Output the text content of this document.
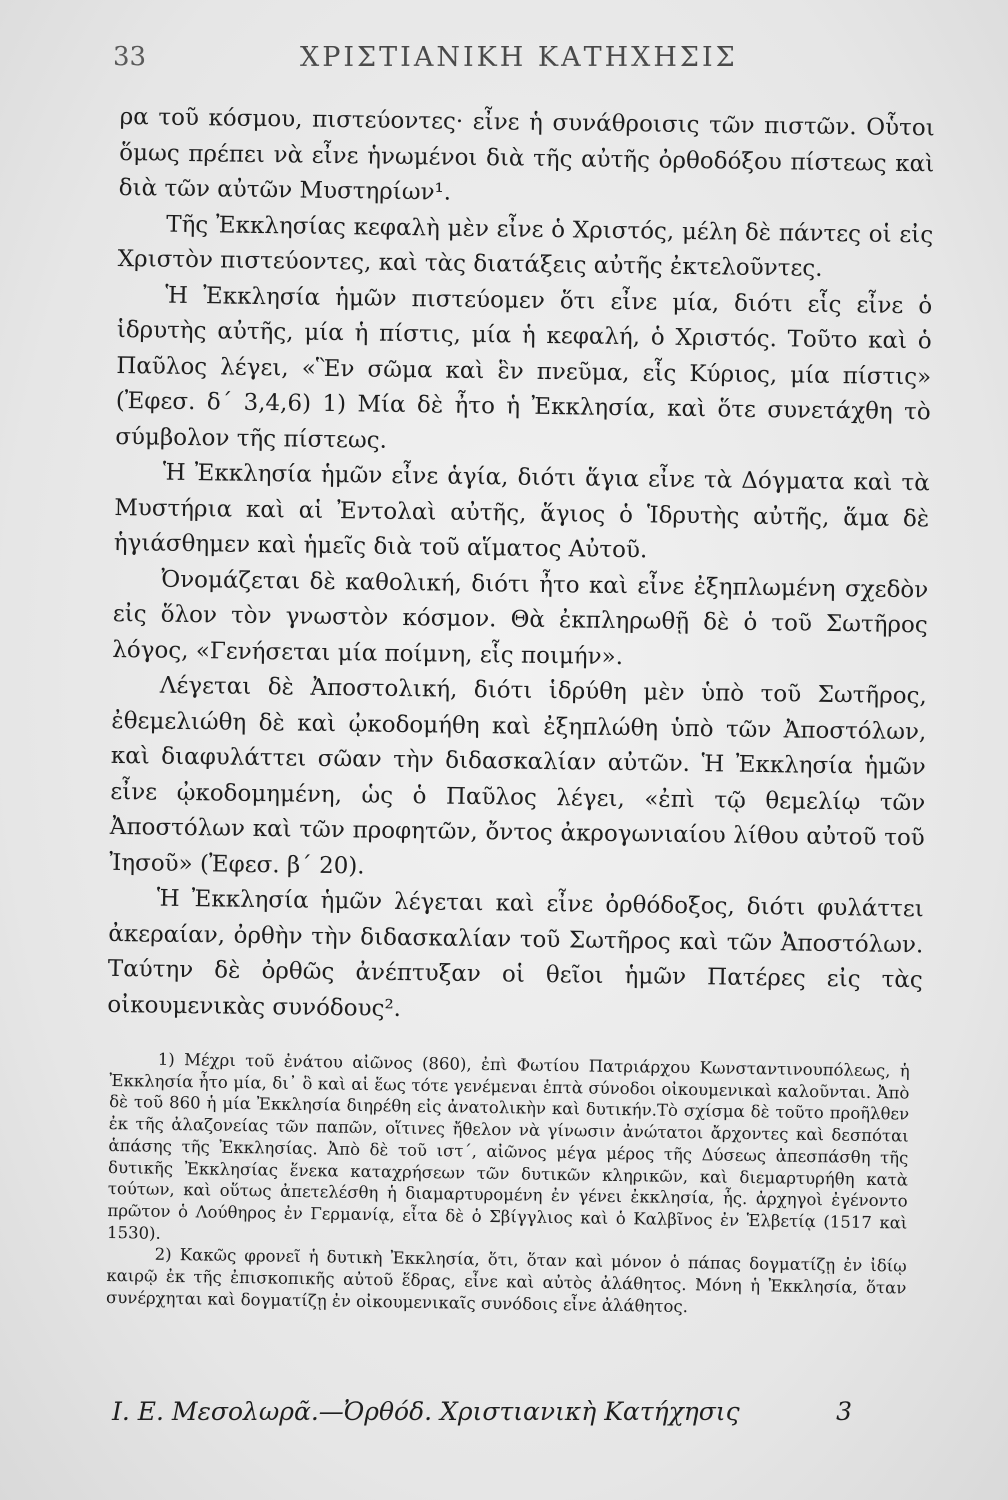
33	ΧΡΙΣΤΙΑΝΙΚΗ ΚΑΤΗΧΗΣΙΣ

ρα τοῦ κόσμου, πιστεύοντες· εἶνε ἡ συνάθροισις τῶν πιστῶν. Οὗτοι ὅμως πρέπει νὰ εἶνε ἡνωμένοι διὰ τῆς αὐτῆς ὀρθοδόξου πίστεως καὶ διὰ τῶν αὐτῶν Μυστηρίων¹.

Τῆς Ἐκκλησίας κεφαλὴ μὲν εἶνε ὁ Χριστός, μέλη δὲ πάντες οἱ εἰς Χριστὸν πιστεύοντες, καὶ τὰς διατάξεις αὐτῆς ἐκτελοῦντες.

Ἡ Ἐκκλησία ἡμῶν πιστεύομεν ὅτι εἶνε μία, διότι εἷς εἶνε ὁ ἱδρυτὴς αὐτῆς, μία ἡ πίστις, μία ἡ κεφαλή, ὁ Χριστός. Τοῦτο καὶ ὁ Παῦλος λέγει, «Ἓν σῶμα καὶ ἓν πνεῦμα, εἷς Κύριος, μία πίστις» (Ἐφεσ. δ΄ 3,4,6) 1) Μία δὲ ἦτο ἡ Ἐκκλησία, καὶ ὅτε συνετάχθη τὸ σύμβολον τῆς πίστεως.

Ἡ Ἐκκλησία ἡμῶν εἶνε ἁγία, διότι ἅγια εἶνε τὰ Δόγματα καὶ τὰ Μυστήρια καὶ αἱ Ἐντολαὶ αὐτῆς, ἅγιος ὁ Ἱδρυτὴς αὐτῆς, ἅμα δὲ ἡγιάσθημεν καὶ ἡμεῖς διὰ τοῦ αἵματος Αὐτοῦ.

Ὀνομάζεται δὲ καθολική, διότι ἦτο καὶ εἶνε ἐξηπλωμένη σχεδὸν εἰς ὅλον τὸν γνωστὸν κόσμον. Θὰ ἐκπληρωθῇ δὲ ὁ τοῦ Σωτῆρος λόγος, «Γενήσεται μία ποίμνη, εἷς ποιμήν».

Λέγεται δὲ Ἀποστολική, διότι ἱδρύθη μὲν ὑπὸ τοῦ Σωτῆρος, ἐθεμελιώθη δὲ καὶ ᾠκοδομήθη καὶ ἐξηπλώθη ὑπὸ τῶν Ἀποστόλων, καὶ διαφυλάττει σῶαν τὴν διδασκαλίαν αὐτῶν. Ἡ Ἐκκλησία ἡμῶν εἶνε ᾠκοδομημένη, ὡς ὁ Παῦλος λέγει, «ἐπὶ τῷ θεμελίῳ τῶν Ἀποστόλων καὶ τῶν προφητῶν, ὄντος ἀκρογωνιαίου λίθου αὐτοῦ τοῦ Ἰησοῦ» (Ἐφεσ. β΄ 20).

Ἡ Ἐκκλησία ἡμῶν λέγεται καὶ εἶνε ὀρθόδοξος, διότι φυλάττει ἀκεραίαν, ὀρθὴν τὴν διδασκαλίαν τοῦ Σωτῆρος καὶ τῶν Ἀποστόλων. Ταύτην δὲ ὀρθῶς ἀνέπτυξαν οἱ θεῖοι ἡμῶν Πατέρες εἰς τὰς οἰκουμενικὰς συνόδους².

1) Μέχρι τοῦ ἐνάτου αἰῶνος (860), ἐπὶ Φωτίου Πατριάρχου Κωνσταντινουπόλεως, ἡ Ἐκκλησία ἦτο μία, δι᾿ ὃ καὶ αἱ ἕως τότε γενέμεναι ἑπτὰ σύνοδοι οἰκουμενικαὶ καλοῦνται. Ἀπὸ δὲ τοῦ 860 ἡ μία Ἐκκλησία διηρέθη εἰς ἀνατολικὴν καὶ δυτικήν.Τὸ σχίσμα δὲ τοῦτο προῆλθεν ἐκ τῆς ἀλαζονείας τῶν παπῶν, οἵτινες ἤθελον νὰ γίνωσιν ἀνώτατοι ἄρχοντες καὶ δεσπόται ἁπάσης τῆς Ἐκκλησίας. Ἀπὸ δὲ τοῦ ιστ΄, αἰῶνος μέγα μέρος τῆς Δύσεως ἀπεσπάσθη τῆς δυτικῆς Ἐκκλησίας ἕνεκα καταχρήσεων τῶν δυτικῶν κληρικῶν, καὶ διεμαρτυρήθη κατὰ τούτων, καὶ οὕτως ἀπετελέσθη ἡ διαμαρτυρομένη ἐν γένει ἐκκλησία, ἧς. ἀρχηγοὶ ἐγένοντο πρῶτον ὁ Λούθηρος ἐν Γερμανίᾳ, εἶτα δὲ ὁ Σβίγγλιος καὶ ὁ Καλβῖνος ἐν Ἑλβετίᾳ (1517 καὶ 1530).

2) Κακῶς φρονεῖ ἡ δυτικὴ Ἐκκλησία, ὅτι, ὅταν καὶ μόνον ὁ πάπας δογματίζῃ ἐν ἰδίῳ καιρῷ ἐκ τῆς ἐπισκοπικῆς αὐτοῦ ἕδρας, εἶνε καὶ αὐτὸς ἀλάθητος. Μόνη ἡ Ἐκκλησία, ὅταν συνέρχηται καὶ δογματίζῃ ἐν οἰκουμενικαῖς συνόδοις εἶνε ἀλάθητος.

Ι. Ε. Μεσολωρᾶ.—Ὀρθόδ. Χριστιανικὴ Κατήχησις	3
